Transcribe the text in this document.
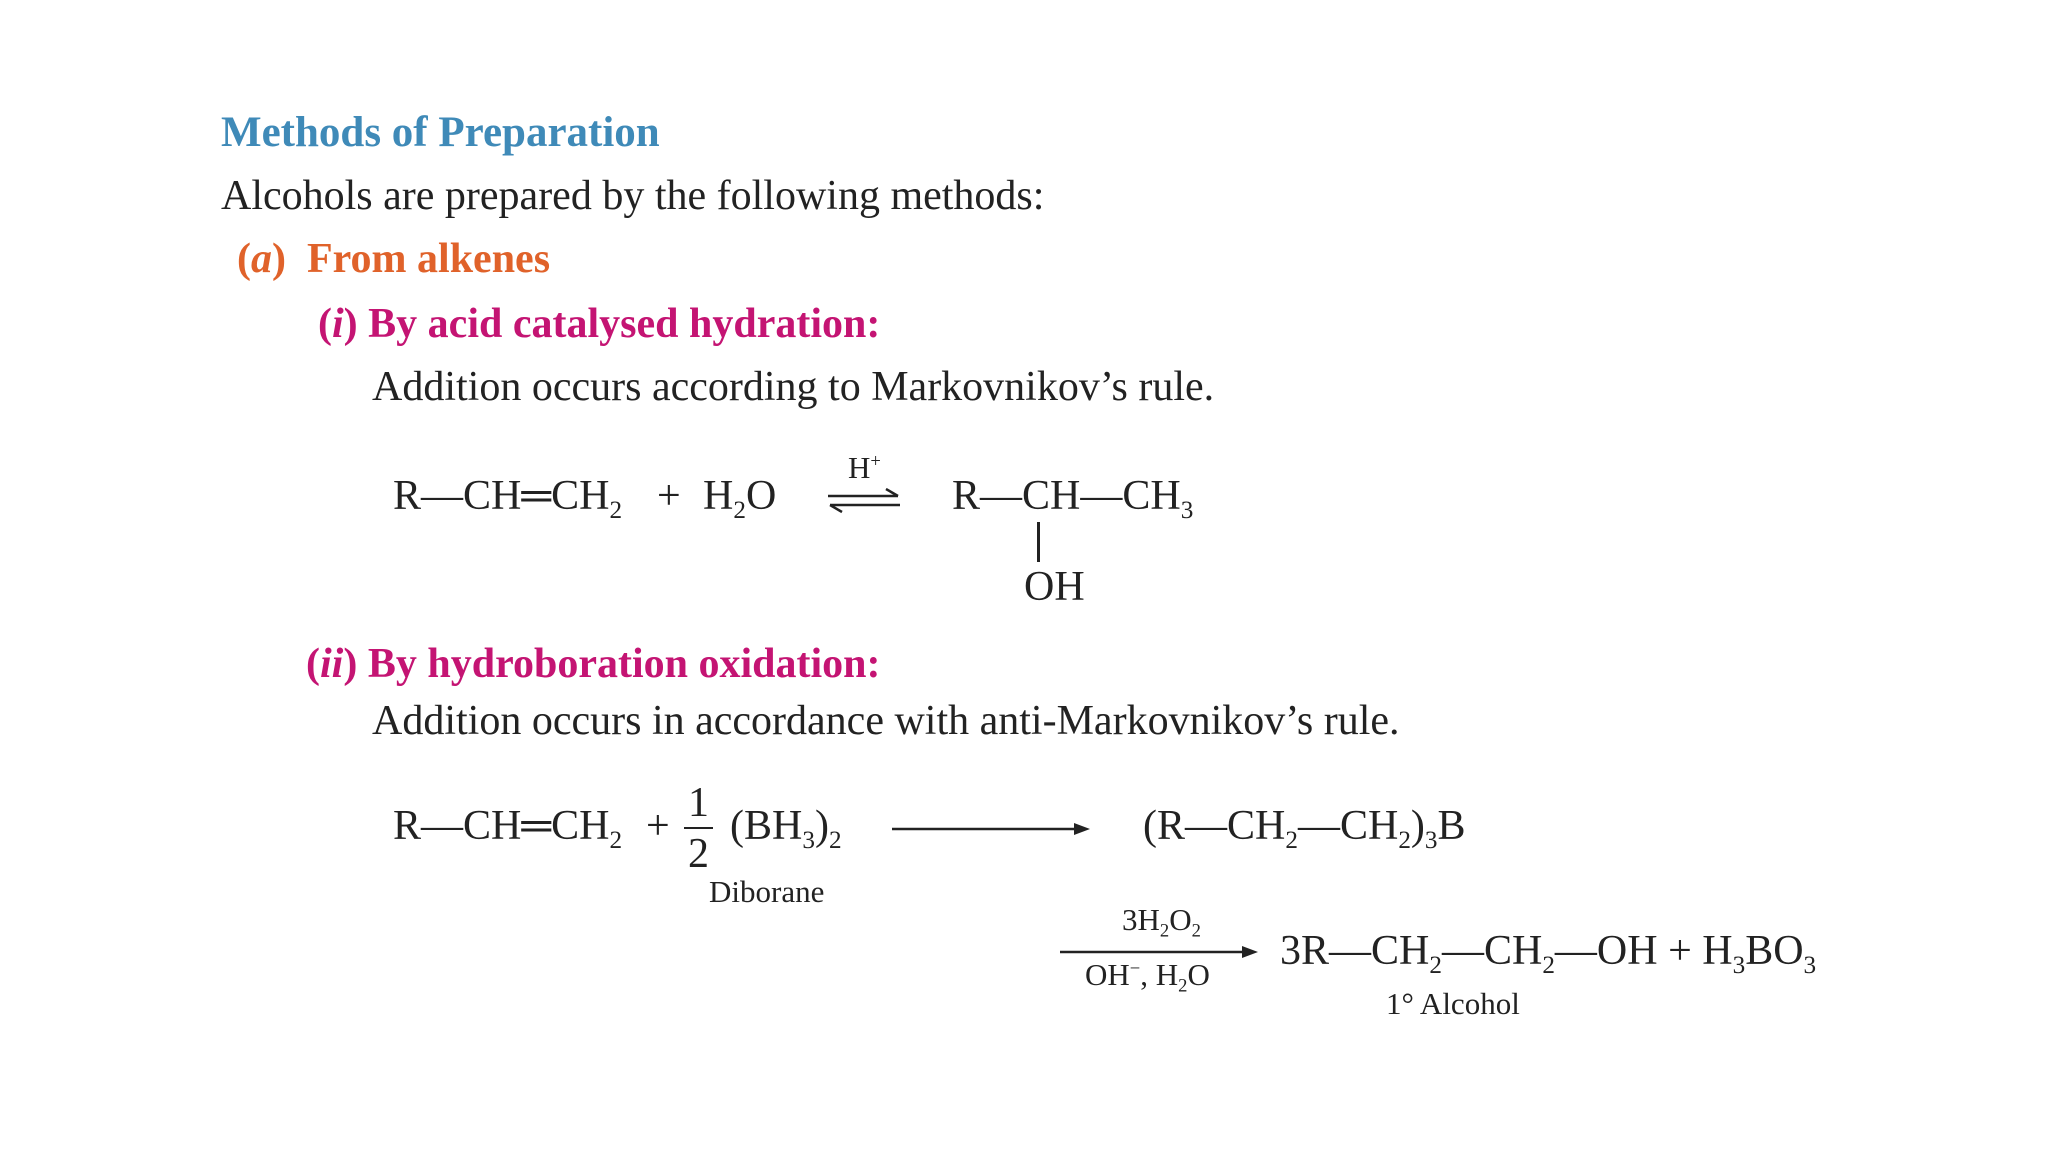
Methods of Preparation
Alcohols are prepared by the following methods:
(a)  From alkenes
(i) By acid catalysed hydration:
Addition occurs according to Markovnikov’s rule.
$R—CH═CH_2 + H_2O$
H+
$R—CH—CH_3$
OH
(ii) By hydroboration oxidation:
Addition occurs in accordance with anti-Markovnikov’s rule.
$R—CH═CH_2 + \frac{1}{2} (BH_3)_2$
Diborane
$(R—CH_2—CH_2)_3B$
$3H_2O_2$
OH−, $H_2O$
$3R—CH_2—CH_2—OH + H_3BO_3$
1° Alcohol
